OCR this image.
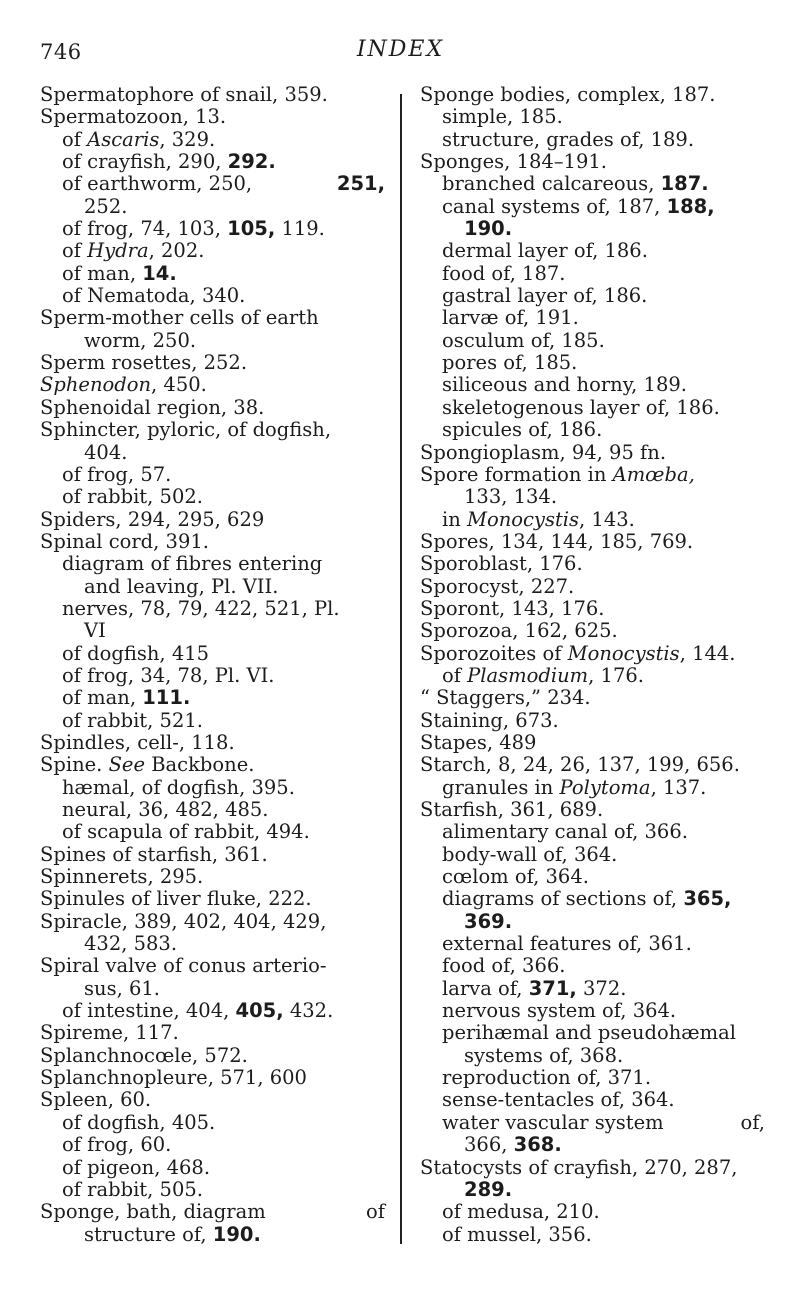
746	INDEX
Spermatophore of snail, 359.
Spermatozoon, 13.
of Ascaris, 329.
of crayfish, 290, 292.
of earthworm, 250,	251,
252.
of frog, 74, 103, 105, 119.
of Hydra, 202.
of man, 14.
of Nematoda, 340.
Sperm-mother cells of earth
worm, 250.
Sperm rosettes, 252.
Sphenodon, 450.
Sphenoidal region, 38.
Sphincter, pyloric, of dogfish,
404.
of frog, 57.
of rabbit, 502.
Spiders, 294, 295, 629
Spinal cord, 391.
diagram of fibres entering
and leaving, Pl. VII.
nerves, 78, 79, 422, 521, Pl.
VI
of dogfish, 415
of frog, 34, 78, Pl. VI.
of man, 111.
of rabbit, 521.
Spindles, cell-, 118.
Spine. See Backbone.
hæmal, of dogfish, 395.
neural, 36, 482, 485.
of scapula of rabbit, 494.
Spines of starfish, 361.
Spinnerets, 295.
Spinules of liver fluke, 222.
Spiracle, 389, 402, 404, 429,
432, 583.
Spiral valve of conus arterio-
sus, 61.
of intestine, 404, 405, 432.
Spireme, 117.
Splanchnocœle, 572.
Splanchnopleure, 571, 600
Spleen, 60.
of dogfish, 405.
of frog, 60.
of pigeon, 468.
of rabbit, 505.
Sponge, bath, diagram	of
structure of, 190.
Sponge bodies, complex, 187.
simple, 185.
structure, grades of, 189.
Sponges, 184–191.
branched calcareous, 187.
canal systems of, 187, 188,
190.
dermal layer of, 186.
food of, 187.
gastral layer of, 186.
larvæ of, 191.
osculum of, 185.
pores of, 185.
siliceous and horny, 189.
skeletogenous layer of, 186.
spicules of, 186.
Spongioplasm, 94, 95 fn.
Spore formation in Amœba,
133, 134.
in Monocystis, 143.
Spores, 134, 144, 185, 769.
Sporoblast, 176.
Sporocyst, 227.
Sporont, 143, 176.
Sporozoa, 162, 625.
Sporozoites of Monocystis, 144.
of Plasmodium, 176.
“ Staggers,” 234.
Staining, 673.
Stapes, 489
Starch, 8, 24, 26, 137, 199, 656.
granules in Polytoma, 137.
Starfish, 361, 689.
alimentary canal of, 366.
body-wall of, 364.
cœlom of, 364.
diagrams of sections of, 365,
369.
external features of, 361.
food of, 366.
larva of, 371, 372.
nervous system of, 364.
perihæmal and pseudohæmal
systems of, 368.
reproduction of, 371.
sense-tentacles of, 364.
water vascular system	of,
366, 368.
Statocysts of crayfish, 270, 287,
289.
of medusa, 210.
of mussel, 356.
